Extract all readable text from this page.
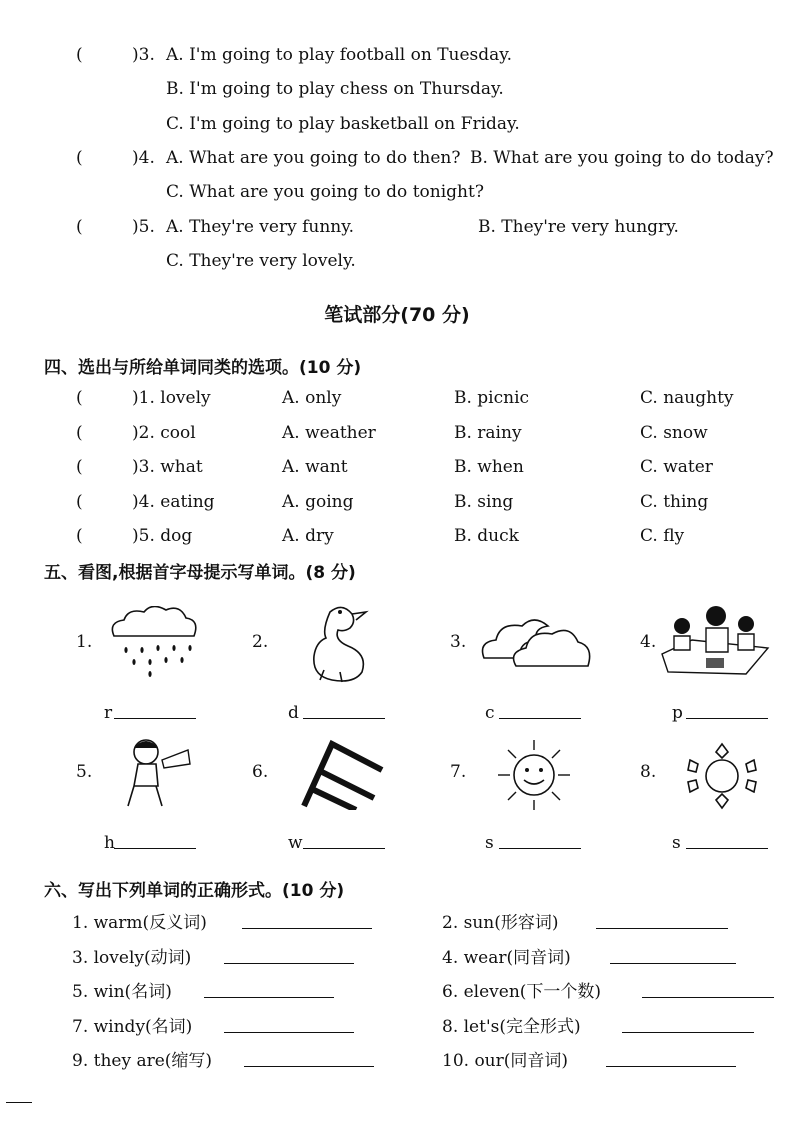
(	)3. A. I'm going to play football on Tuesday.
B. I'm going to play chess on Thursday.
C. I'm going to play basketball on Friday.
(	)4. A. What are you going to do then? B. What are you going to do today?
C. What are you going to do tonight?
(	)5. A. They're very funny.	B. They're very hungry.
C. They're very lovely.
笔试部分(70 分)
四、选出与所给单词同类的选项。(10 分)
(	)1. lovely	A. only	B. picnic	C. naughty
(	)2. cool	A. weather	B. rainy	C. snow
(	)3. what	A. want	B. when	C. water
(	)4. eating	A. going	B. sing	C. thing
(	)5. dog	A. dry	B. duck	C. fly
五、看图,根据首字母提示写单词。(8 分)
1.	2.	3.	4.
r	d	c	p
5.	6.	7.	8.
h	w	s	s
六、写出下列单词的正确形式。(10 分)
1. warm(反义词)	2. sun(形容词)
3. lovely(动词)	4. wear(同音词)
5. win(名词)	6. eleven(下一个数)
7. windy(名词)	8. let's(完全形式)
9. they are(缩写)	10. our(同音词)
